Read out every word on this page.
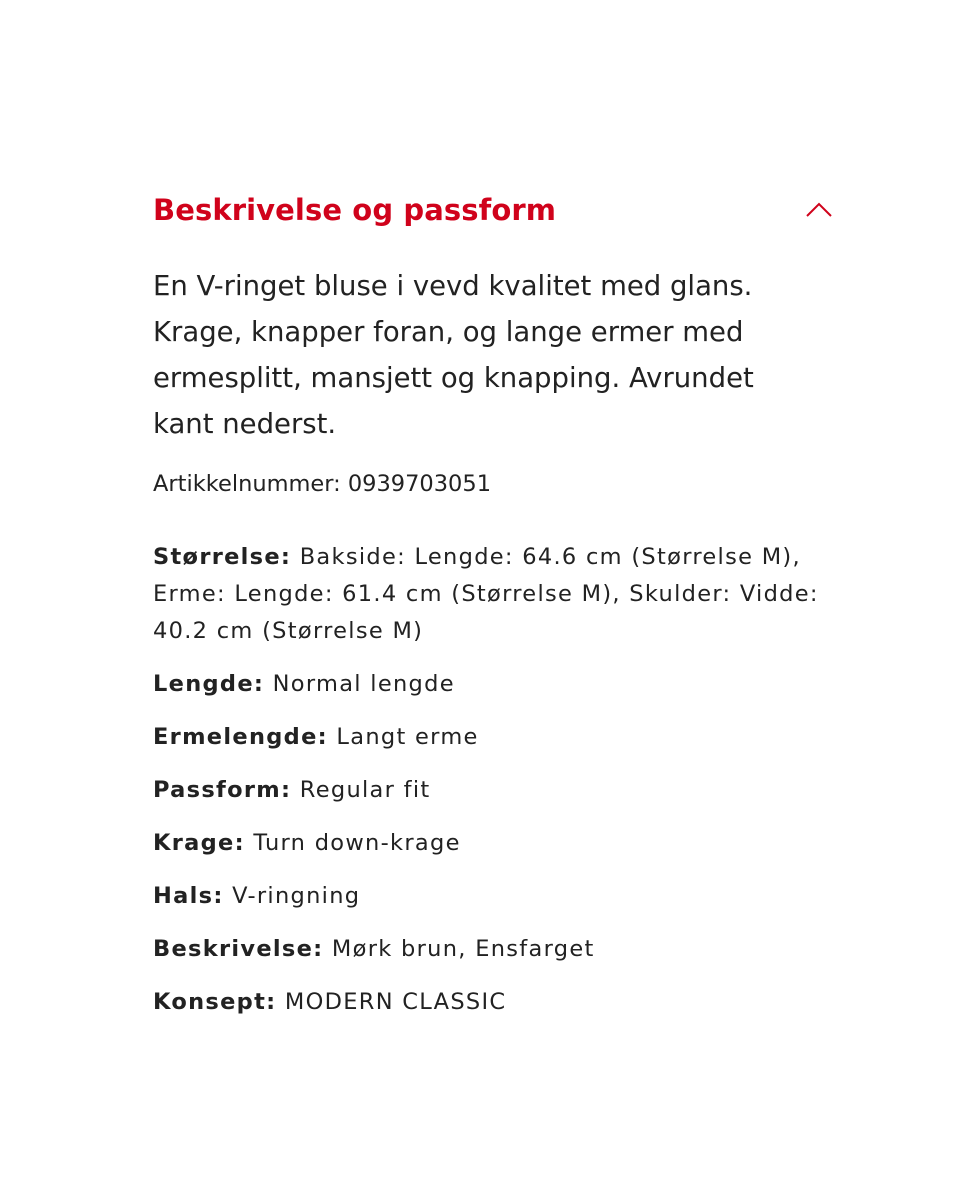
Beskrivelse og passform

En V-ringet bluse i vevd kvalitet med glans. Krage, knapper foran, og lange ermer med ermesplitt, mansjett og knapping. Avrundet kant nederst.

Artikkelnummer: 0939703051
Størrelse: Bakside: Lengde: 64.6 cm (Størrelse M), Erme: Lengde: 61.4 cm (Størrelse M), Skulder: Vidde: 40.2 cm (Størrelse M)
Lengde: Normal lengde
Ermelengde: Langt erme
Passform: Regular fit
Krage: Turn down-krage
Hals: V-ringning
Beskrivelse: Mørk brun, Ensfarget
Konsept: MODERN CLASSIC
